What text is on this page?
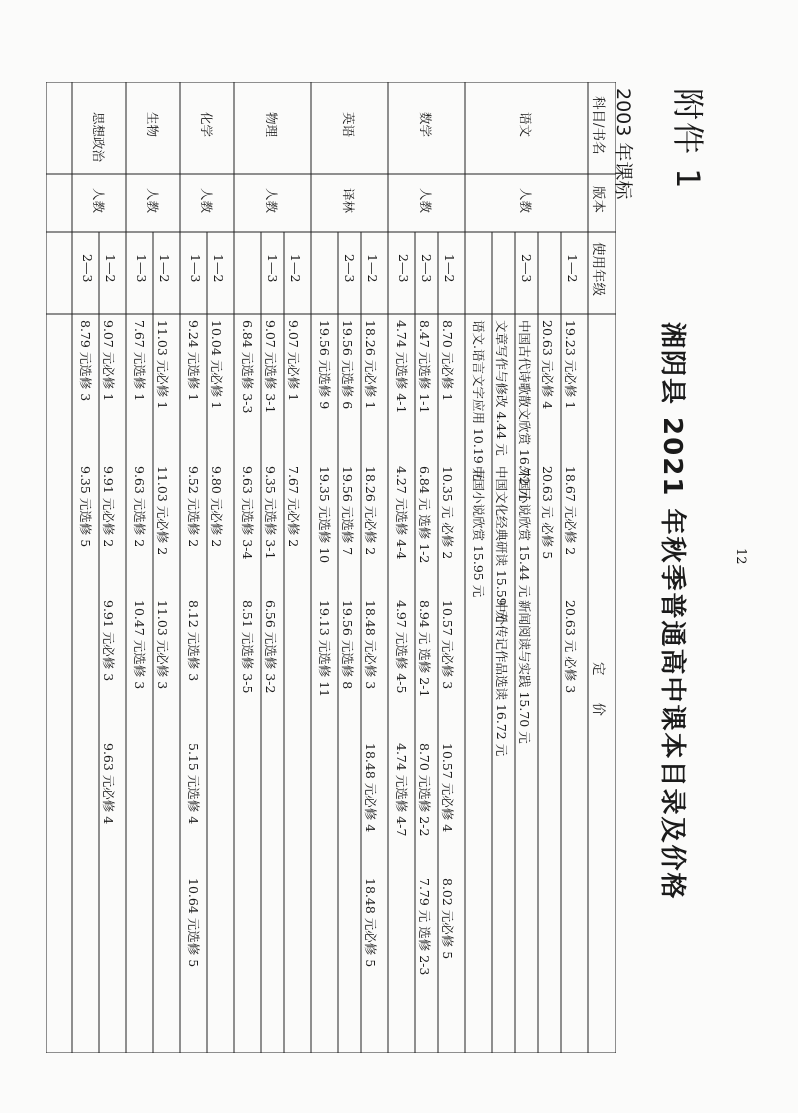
附件 1
湘阴县 2021 年秋季普通高中课本目录及价格
2003 年课标
科目/书名
版本
使用年级
定　　价
语文
人教
1—2
19.23 元必修 1
18.67 元必修 2
20.63 元 必修 3
20.63 元必修 4
20.63 元 必修 5
2—3
中国古代诗歌散文欣赏 16.72 元
外国小说欣赏 15.44 元
新闻阅读与实践 15.70 元
文章写作与修改 4.44 元
中国文化经典研读 15.59 元
中外传记作品选读 16.72 元
语文.语言文字应用 10.19 元
中国小说欣赏 15.95 元
数学
人教
1—2
8.70 元必修 1
10.35 元 必修 2
10.57 元必修 3
10.57 元必修 4
8.02 元必修 5
2—3
8.47 元选修 1-1
6.84 元 选修 1-2
8.94 元 选修 2-1
8.70 元选修 2-2
7.79 元 选修 2-3
2—3
4.74 元选修 4-1
4.27 元选修 4-4
4.97 元选修 4-5
4.74 元选修 4-7
英语
译林
1—2
18.26 元必修 1
18.26 元必修 2
18.48 元必修 3
18.48 元必修 4
18.48 元必修 5
2—3
19.56 元选修 6
19.56 元选修 7
19.56 元选修 8
19.56 元选修 9
19.35 元选修 10
19.13 元选修 11
物理
人教
1—2
9.07 元必修 1
7.67 元必修 2
1—3
9.07 元选修 3-1
9.35 元选修 3-1
6.56 元选修 3-2
6.84 元选修 3-3
9.63 元选修 3-4
8.51 元选修 3-5
化学
人教
1—2
10.04 元必修 1
9.80 元必修 2
1—3
9.24 元选修 1
9.52 元选修 2
8.12 元选修 3
5.15 元选修 4
10.64 元选修 5
生物
人教
1—2
11.03 元必修 1
11.03 元必修 2
11.03 元必修 3
1—3
7.67 元选修 1
9.63 元选修 2
10.47 元选修 3
思想政治
人教
1—2
9.07 元必修 1
9.91 元必修 2
9.91 元必修 3
9.63 元必修 4
2—3
8.79 元选修 3
9.35 元选修 5
12
